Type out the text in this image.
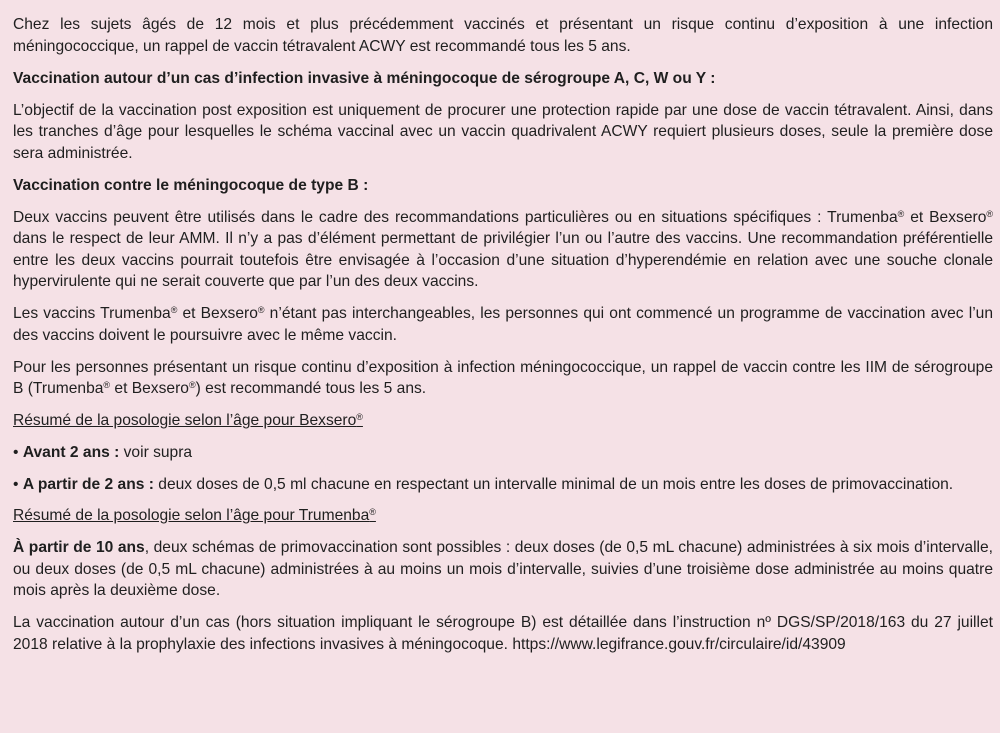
Chez les sujets âgés de 12 mois et plus précédemment vaccinés et présentant un risque continu d’exposition à une infection méningococcique, un rappel de vaccin tétravalent ACWY est recommandé tous les 5 ans.

Vaccination autour d’un cas d’infection invasive à méningocoque de sérogroupe A, C, W ou Y :

L’objectif de la vaccination post exposition est uniquement de procurer une protection rapide par une dose de vaccin tétravalent. Ainsi, dans les tranches d’âge pour lesquelles le schéma vaccinal avec un vaccin quadrivalent ACWY requiert plusieurs doses, seule la première dose sera administrée.

Vaccination contre le méningocoque de type B :

Deux vaccins peuvent être utilisés dans le cadre des recommandations particulières ou en situations spécifiques : Trumenba® et Bexsero® dans le respect de leur AMM. Il n’y a pas d’élément permettant de privilégier l’un ou l’autre des vaccins. Une recommandation préférentielle entre les deux vaccins pourrait toutefois être envisagée à l’occasion d’une situation d’hyperendémie en relation avec une souche clonale hypervirulente qui ne serait couverte que par l’un des deux vaccins.

Les vaccins Trumenba® et Bexsero® n’étant pas interchangeables, les personnes qui ont commencé un programme de vaccination avec l’un des vaccins doivent le poursuivre avec le même vaccin.

Pour les personnes présentant un risque continu d’exposition à infection méningococcique, un rappel de vaccin contre les IIM de sérogroupe B (Trumenba® et Bexsero®) est recommandé tous les 5 ans.

Résumé de la posologie selon l’âge pour Bexsero®

• Avant 2 ans : voir supra

• A partir de 2 ans : deux doses de 0,5 ml chacune en respectant un intervalle minimal de un mois entre les doses de primovaccination.

Résumé de la posologie selon l’âge pour Trumenba®

À partir de 10 ans, deux schémas de primovaccination sont possibles : deux doses (de 0,5 mL chacune) administrées à six mois d’intervalle, ou deux doses (de 0,5 mL chacune) administrées à au moins un mois d’intervalle, suivies d’une troisième dose administrée au moins quatre mois après la deuxième dose.

La vaccination autour d’un cas (hors situation impliquant le sérogroupe B) est détaillée dans l’instruction nº DGS/SP/2018/163 du 27 juillet 2018 relative à la prophylaxie des infections invasives à méningocoque. https://www.legifrance.gouv.fr/circulaire/id/43909
